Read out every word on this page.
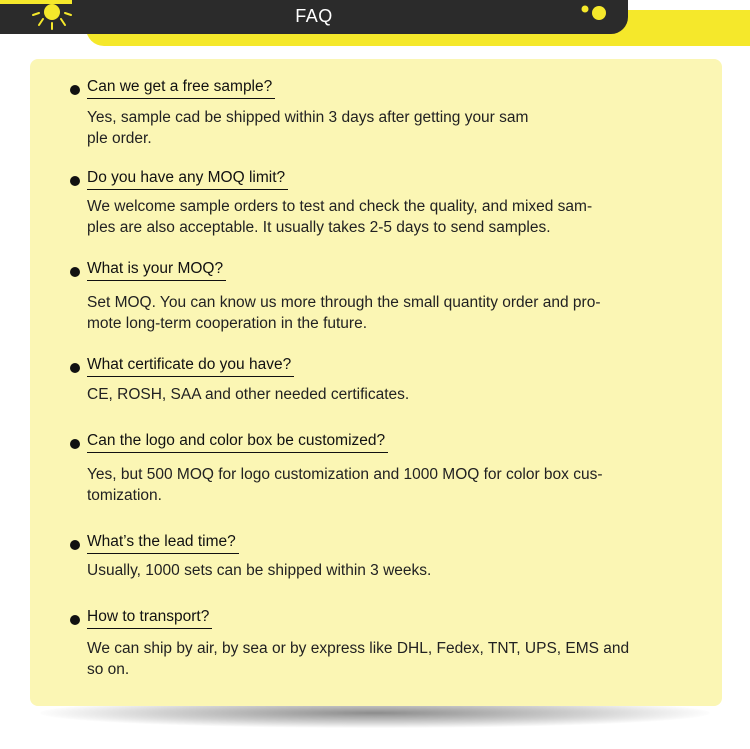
FAQ
Can we get a free sample?
Yes, sample cad be shipped within 3 days after getting your sam
ple order.
Do you have any MOQ limit?
We welcome sample orders to test and check the quality, and mixed sam-
ples are also acceptable. It usually takes 2-5 days to send samples.
What is your MOQ?
Set MOQ. You can know us more through the small quantity order and pro-
mote long-term cooperation in the future.
What certificate do you have?
CE, ROSH, SAA and other needed certificates.
Can the logo and color box be customized?
Yes, but 500 MOQ for logo customization and 1000 MOQ for color box cus-
tomization.
What’s the lead time?
Usually, 1000 sets can be shipped within 3 weeks.
How to transport?
We can ship by air, by sea or by express like DHL, Fedex, TNT, UPS, EMS and
so on.
